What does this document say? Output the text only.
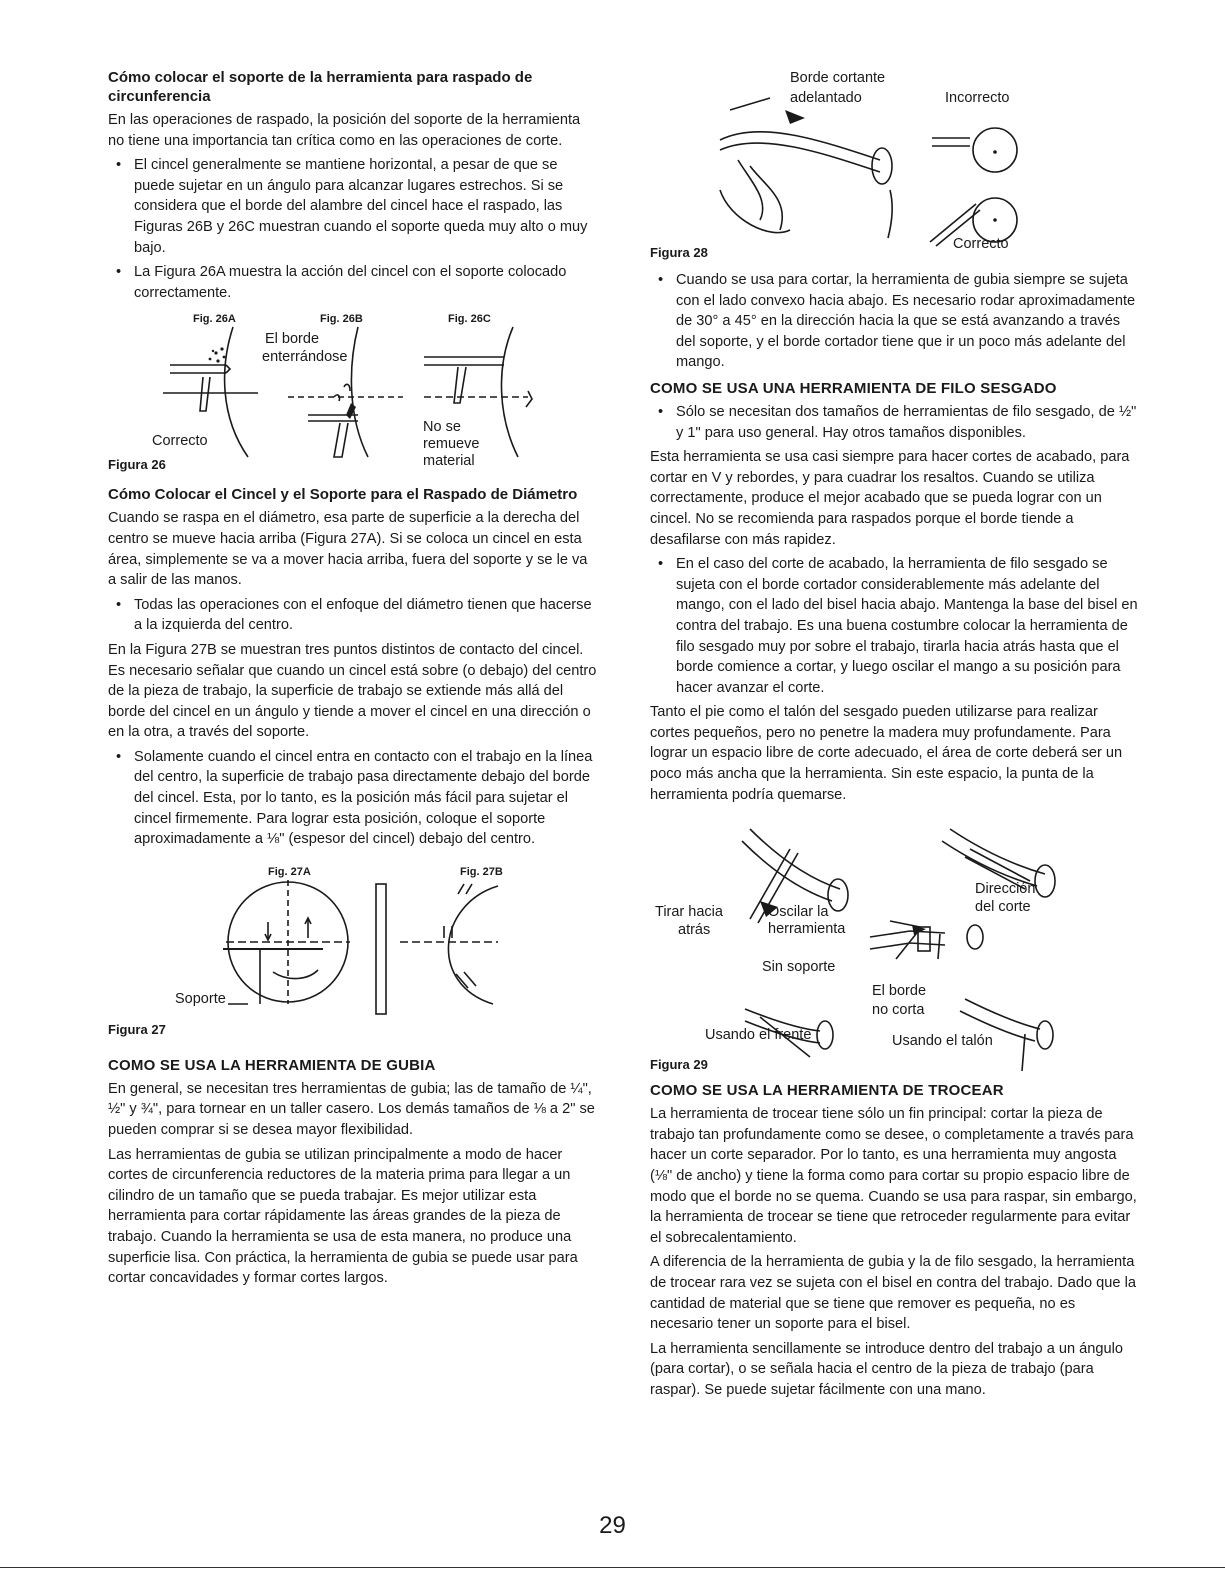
Cómo colocar el soporte de la herramienta para raspado de circunferencia

En las operaciones de raspado, la posición del soporte de la herramienta no tiene una importancia tan crítica como en las operaciones de corte.

• El cincel generalmente se mantiene horizontal, a pesar de que se puede sujetar en un ángulo para alcanzar lugares estrechos. Si se considera que el borde del alambre del cincel hace el raspado, las Figuras 26B y 26C muestran cuando el soporte queda muy alto o muy bajo.
• La Figura 26A muestra la acción del cincel con el soporte colocado correctamente.
Fig. 26A	Fig. 26B	Fig. 26C
El borde
enterrándose
Correcto
No se
remueve
material
Figura 26
Cómo Colocar el Cincel y el Soporte para el Raspado de Diámetro

Cuando se raspa en el diámetro, esa parte de superficie a la derecha del centro se mueve hacia arriba (Figura 27A). Si se coloca un cincel en esta área, simplemente se va a mover hacia arriba, fuera del soporte y se le va a salir de las manos.

• Todas las operaciones con el enfoque del diámetro tienen que hacerse a la izquierda del centro.

En la Figura 27B se muestran tres puntos distintos de contacto del cincel. Es necesario señalar que cuando un cincel está sobre (o debajo) del centro de la pieza de trabajo, la superficie de trabajo se extiende más allá del borde del cincel en un ángulo y tiende a mover el cincel en una dirección o en la otra, a través del soporte.

• Solamente cuando el cincel entra en contacto con el trabajo en la línea del centro, la superficie de trabajo pasa directamente debajo del borde del cincel. Esta, por lo tanto, es la posición más fácil para sujetar el cincel firmemente. Para lograr esta posición, coloque el soporte aproximadamente a ⅛" (espesor del cincel) debajo del centro.
Fig. 27A	Fig. 27B
Soporte
Figura 27
COMO SE USA LA HERRAMIENTA DE GUBIA

En general, se necesitan tres herramientas de gubia; las de tamaño de ¼", ½" y ¾", para tornear en un taller casero. Los demás tamaños de ⅛ a 2" se pueden comprar si se desea mayor flexibilidad.

Las herramientas de gubia se utilizan principalmente a modo de hacer cortes de circunferencia reductores de la materia prima para llegar a un cilindro de un tamaño que se pueda trabajar. Es mejor utilizar esta herramienta para cortar rápidamente las áreas grandes de la pieza de trabajo. Cuando la herramienta se usa de esta manera, no produce una superficie lisa. Con práctica, la herramienta de gubia se puede usar para cortar concavidades y formar cortes largos.

Borde cortante
adelantado	Incorrecto
Correcto
Figura 28
• Cuando se usa para cortar, la herramienta de gubia siempre se sujeta con el lado convexo hacia abajo. Es necesario rodar aproximadamente de 30° a 45° en la dirección hacia la que se está avanzando a través del soporte, y el borde cortador tiene que ir un poco más adelante del mango.
COMO SE USA UNA HERRAMIENTA DE FILO SESGADO
• Sólo se necesitan dos tamaños de herramientas de filo sesgado, de ½" y 1" para uso general. Hay otros tamaños disponibles.

Esta herramienta se usa casi siempre para hacer cortes de acabado, para cortar en V y rebordes, y para cuadrar los resaltos. Cuando se utiliza correctamente, produce el mejor acabado que se pueda lograr con un cincel. No se recomienda para raspados porque el borde tiende a desafilarse con más rapidez.

• En el caso del corte de acabado, la herramienta de filo sesgado se sujeta con el borde cortador considerablemente más adelante del mango, con el lado del bisel hacia abajo. Mantenga la base del bisel en contra del trabajo. Es una buena costumbre colocar la herramienta de filo sesgado muy por sobre el trabajo, tirarla hacia atrás hasta que el borde comience a cortar, y luego oscilar el mango a su posición para hacer avanzar el corte.

Tanto el pie como el talón del sesgado pueden utilizarse para realizar cortes pequeños, pero no penetre la madera muy profundamente. Para lograr un espacio libre de corte adecuado, el área de corte deberá ser un poco más ancha que la herramienta. Sin este espacio, la punta de la herramienta podría quemarse.

Tirar hacia
atrás
Oscilar la
herramienta
Dirección
del corte
Sin soporte
El borde
no corta
Usando el frente	Usando el talón
Figura 29
COMO SE USA LA HERRAMIENTA DE TROCEAR

La herramienta de trocear tiene sólo un fin principal: cortar la pieza de trabajo tan profundamente como se desee, o completamente a través para hacer un corte separador. Por lo tanto, es una herramienta muy angosta (⅛" de ancho) y tiene la forma como para cortar su propio espacio libre de modo que el borde no se quema. Cuando se usa para raspar, sin embargo, la herramienta de trocear se tiene que retroceder regularmente para evitar el sobrecalentamiento.

A diferencia de la herramienta de gubia y la de filo sesgado, la herramienta de trocear rara vez se sujeta con el bisel en contra del trabajo. Dado que la cantidad de material que se tiene que remover es pequeña, no es necesario tener un soporte para el bisel.

La herramienta sencillamente se introduce dentro del trabajo a un ángulo (para cortar), o se señala hacia el centro de la pieza de trabajo (para raspar). Se puede sujetar fácilmente con una mano.

29
